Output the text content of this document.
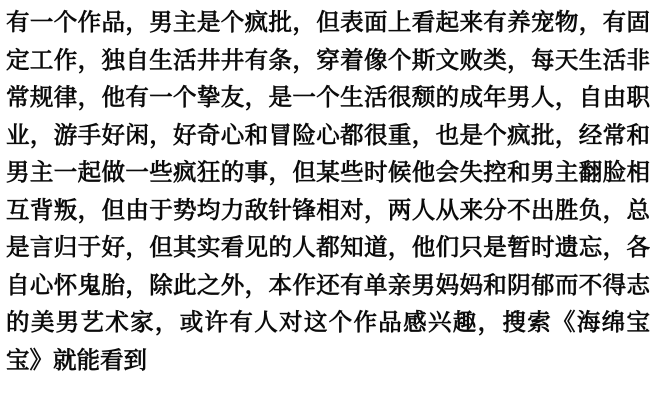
有一个作品，男主是个疯批，但表面上看起来有养宠物，有固定工作，独自生活井井有条，穿着像个斯文败类，每天生活非常规律，他有一个挚友，是一个生活很颓的成年男人，自由职业，游手好闲，好奇心和冒险心都很重，也是个疯批，经常和男主一起做一些疯狂的事，但某些时候他会失控和男主翻脸相互背叛，但由于势均力敌针锋相对，两人从来分不出胜负，总是言归于好，但其实看见的人都知道，他们只是暂时遗忘，各自心怀鬼胎，除此之外，本作还有单亲男妈妈和阴郁而不得志的美男艺术家，或许有人对这个作品感兴趣，搜索《海绵宝宝》就能看到
